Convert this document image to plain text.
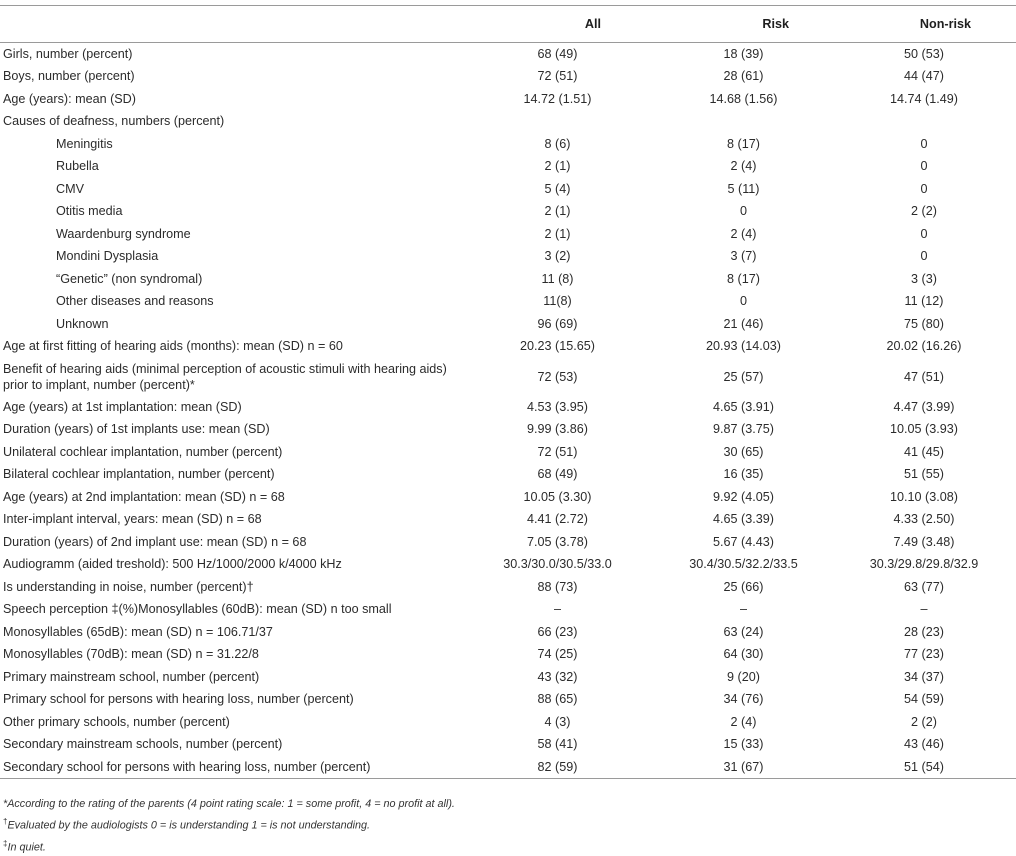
	All	Risk	Non-risk
Girls, number (percent)	68 (49)	18 (39)	50 (53)
Boys, number (percent)	72 (51)	28 (61)	44 (47)
Age (years): mean (SD)	14.72 (1.51)	14.68 (1.56)	14.74 (1.49)
Causes of deafness, numbers (percent)			
Meningitis	8 (6)	8 (17)	0
Rubella	2 (1)	2 (4)	0
CMV	5 (4)	5 (11)	0
Otitis media	2 (1)	0	2 (2)
Waardenburg syndrome	2 (1)	2 (4)	0
Mondini Dysplasia	3 (2)	3 (7)	0
“Genetic” (non syndromal)	11 (8)	8 (17)	3 (3)
Other diseases and reasons	11(8)	0	11 (12)
Unknown	96 (69)	21 (46)	75 (80)
Age at first fitting of hearing aids (months): mean (SD) n = 60	20.23 (15.65)	20.93 (14.03)	20.02 (16.26)
Benefit of hearing aids (minimal perception of acoustic stimuli with hearing aids) prior to implant, number (percent)*	72 (53)	25 (57)	47 (51)
Age (years) at 1st implantation: mean (SD)	4.53 (3.95)	4.65 (3.91)	4.47 (3.99)
Duration (years) of 1st implants use: mean (SD)	9.99 (3.86)	9.87 (3.75)	10.05 (3.93)
Unilateral cochlear implantation, number (percent)	72 (51)	30 (65)	41 (45)
Bilateral cochlear implantation, number (percent)	68 (49)	16 (35)	51 (55)
Age (years) at 2nd implantation: mean (SD) n = 68	10.05 (3.30)	9.92 (4.05)	10.10 (3.08)
Inter-implant interval, years: mean (SD) n = 68	4.41 (2.72)	4.65 (3.39)	4.33 (2.50)
Duration (years) of 2nd implant use: mean (SD) n = 68	7.05 (3.78)	5.67 (4.43)	7.49 (3.48)
Audiogramm (aided treshold): 500 Hz/1000/2000 k/4000 kHz	30.3/30.0/30.5/33.0	30.4/30.5/32.2/33.5	30.3/29.8/29.8/32.9
Is understanding in noise, number (percent)†	88 (73)	25 (66)	63 (77)
Speech perception ‡(%)Monosyllables (60dB): mean (SD) n too small	–	–	–
Monosyllables (65dB): mean (SD) n = 106.71/37	66 (23)	63 (24)	28 (23)
Monosyllables (70dB): mean (SD) n = 31.22/8	74 (25)	64 (30)	77 (23)
Primary mainstream school, number (percent)	43 (32)	9 (20)	34 (37)
Primary school for persons with hearing loss, number (percent)	88 (65)	34 (76)	54 (59)
Other primary schools, number (percent)	4 (3)	2 (4)	2 (2)
Secondary mainstream schools, number (percent)	58 (41)	15 (33)	43 (46)
Secondary school for persons with hearing loss, number (percent)	82 (59)	31 (67)	51 (54)
*According to the rating of the parents (4 point rating scale: 1 = some profit, 4 = no profit at all).
†Evaluated by the audiologists 0 = is understanding 1 = is not understanding.
‡In quiet.
